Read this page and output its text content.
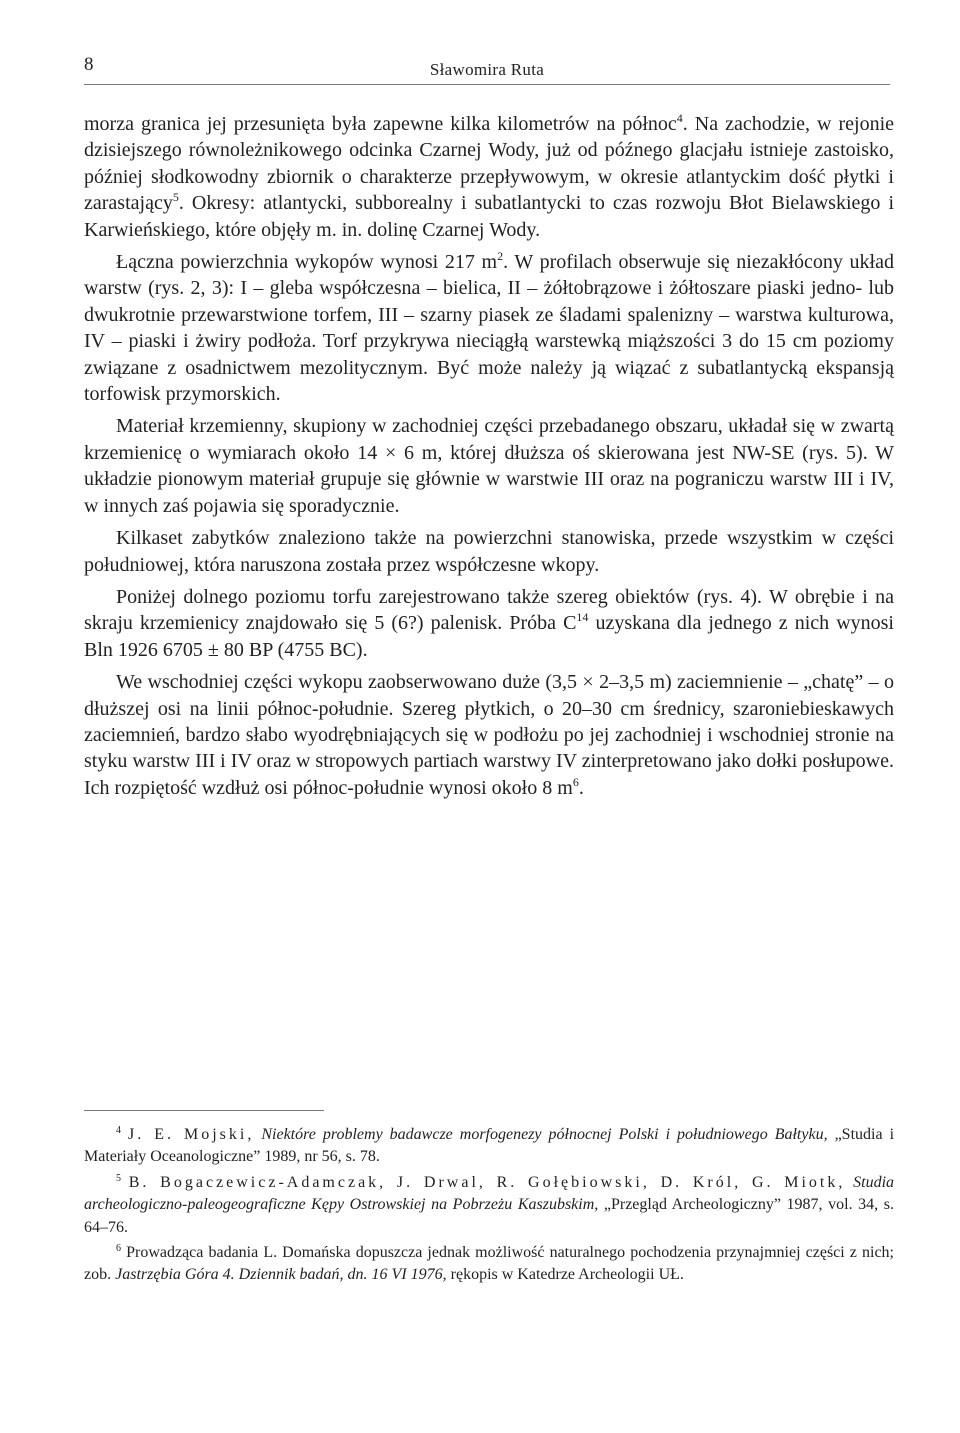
8	Sławomira Ruta

morza granica jej przesunięta była zapewne kilka kilometrów na północ$^4$. Na zachodzie, w rejonie dzisiejszego równoleżnikowego odcinka Czarnej Wody, już od późnego glacjału istnieje zastoisko, później słodkowodny zbiornik o charakterze przepływowym, w okresie atlantyckim dość płytki i zarastający$^5$. Okresy: atlantycki, subborealny i subatlantycki to czas rozwoju Błot Bielawskiego i Karwieńskiego, które objęły m. in. dolinę Czarnej Wody.

Łączna powierzchnia wykopów wynosi 217 $m^2$. W profilach obserwuje się niezakłócony układ warstw (rys. 2, 3): I – gleba współczesna – bielica, II – żółtobrązowe i żółtoszare piaski jedno- lub dwukrotnie przewarstwione torfem, III – szarny piasek ze śladami spalenizny – warstwa kulturowa, IV – piaski i żwiry podłoża. Torf przykrywa nieciągłą warstewką miąższości 3 do 15 cm poziomy związane z osadnictwem mezolitycznym. Być może należy ją wiązać z subatlantycką ekspansją torfowisk przymorskich.

Materiał krzemienny, skupiony w zachodniej części przebadanego obszaru, układał się w zwartą krzemienicę o wymiarach około 14 × 6 m, której dłuższa oś skierowana jest NW-SE (rys. 5). W układzie pionowym materiał grupuje się głównie w warstwie III oraz na pograniczu warstw III i IV, w innych zaś pojawia się sporadycznie.

Kilkaset zabytków znaleziono także na powierzchni stanowiska, przede wszystkim w części południowej, która naruszona została przez współczesne wkopy.

Poniżej dolnego poziomu torfu zarejestrowano także szereg obiektów (rys. 4). W obrębie i na skraju krzemienicy znajdowało się 5 (6?) palenisk. Próba $C^{14}$ uzyskana dla jednego z nich wynosi Bln 1926 6705 ± 80 BP (4755 BC).

We wschodniej części wykopu zaobserwowano duże (3,5 × 2–3,5 m) zaciemnienie – „chatę” – o dłuższej osi na linii północ-południe. Szereg płytkich, o 20–30 cm średnicy, szaroniebieskawych zaciemnień, bardzo słabo wyodrębniających się w podłożu po jej zachodniej i wschodniej stronie na styku warstw III i IV oraz w stropowych partiach warstwy IV zinterpretowano jako dołki posłupowe. Ich rozpiętość wzdłuż osi północ-południe wynosi około 8 $m^6$.

$^4$ J. E. Mojski, Niektóre problemy badawcze morfogenezy północnej Polski i południowego Bałtyku, „Studia i Materiały Oceanologiczne” 1989, nr 56, s. 78.

$^5$ B. Bogaczewicz-Adamczak, J. Drwal, R. Gołębiowski, D. Król, G. Miotk, Studia archeologiczno-paleogeograficzne Kępy Ostrowskiej na Pobrzeżu Kaszubskim, „Przegląd Archeologiczny” 1987, vol. 34, s. 64–76.

$^6$ Prowadząca badania L. Domańska dopuszcza jednak możliwość naturalnego pochodzenia przynajmniej części z nich; zob. Jastrzębia Góra 4. Dziennik badań, dn. 16 VI 1976, rękopis w Katedrze Archeologii UŁ.
